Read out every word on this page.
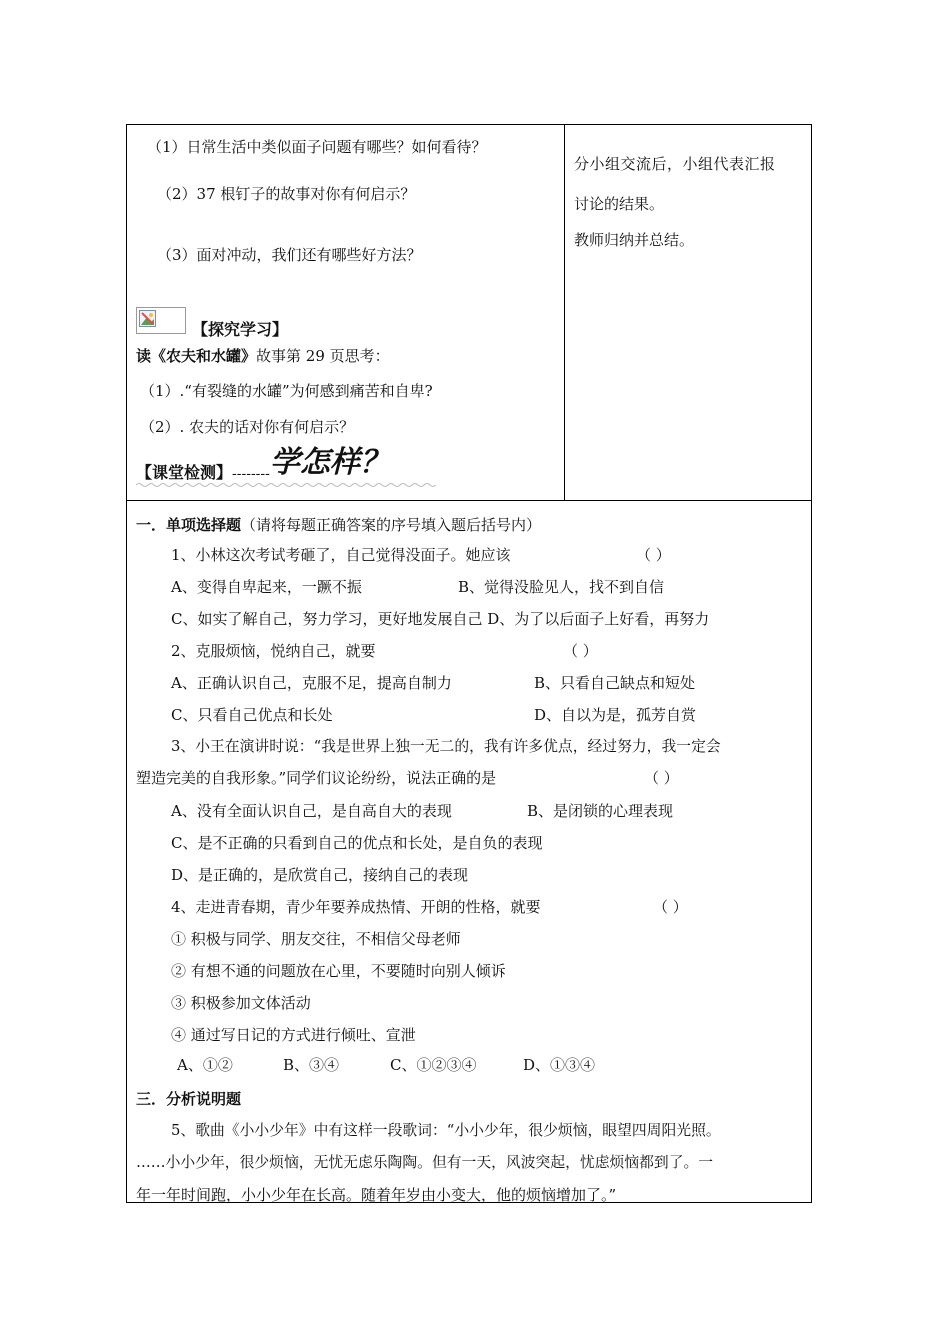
（1）日常生活中类似面子问题有哪些？如何看待？
（2）37 根钉子的故事对你有何启示？
（3）面对冲动，我们还有哪些好方法？
【探究学习】
读《农夫和水罐》故事第 29 页思考：
（1）.“有裂缝的水罐”为何感到痛苦和自卑?
（2）. 农夫的话对你有何启示？
【课堂检测】--------学怎样？
分小组交流后，小组代表汇报
讨论的结果。
教师归纳并总结。
一．单项选择题（请将每题正确答案的序号填入题后括号内）
1、小林这次考试考砸了，自己觉得没面子。她应该	（ ）
A、变得自卑起来，一蹶不振	B、觉得没脸见人，找不到自信
C、如实了解自己，努力学习，更好地发展自己 D、为了以后面子上好看，再努力
2、克服烦恼，悦纳自己，就要	（ ）
A、正确认识自己，克服不足，提高自制力	B、只看自己缺点和短处
C、只看自己优点和长处	D、自以为是，孤芳自赏
3、小王在演讲时说：“我是世界上独一无二的，我有许多优点，经过努力，我一定会
塑造完美的自我形象。”同学们议论纷纷，说法正确的是	（ ）
A、没有全面认识自己，是自高自大的表现	B、是闭锁的心理表现
C、是不正确的只看到自己的优点和长处，是自负的表现
D、是正确的，是欣赏自己，接纳自己的表现
4、走进青春期，青少年要养成热情、开朗的性格，就要	（ ）
① 积极与同学、朋友交往，不相信父母老师
② 有想不通的问题放在心里，不要随时向别人倾诉
③ 积极参加文体活动
④ 通过写日记的方式进行倾吐、宣泄
A、①②	B、③④	C、①②③④	D、①③④
三．分析说明题
5、歌曲《小小少年》中有这样一段歌词：“小小少年，很少烦恼，眼望四周阳光照。
……小小少年，很少烦恼，无忧无虑乐陶陶。但有一天，风波突起，忧虑烦恼都到了。一
年一年时间跑，小小少年在长高。随着年岁由小变大，他的烦恼增加了。”
